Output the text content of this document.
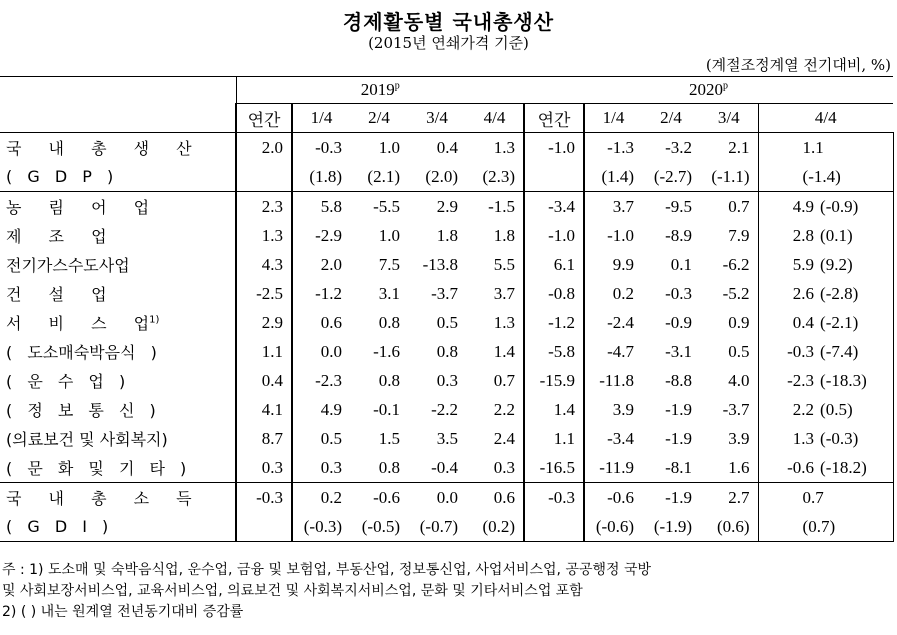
경제활동별 국내총생산
(2015년 연쇄가격 기준)
(계절조정계열 전기대비, %)
	2019$^p$					2020$^p$
	연간	1/4	2/4	3/4	4/4	연간	1/4	2/4	3/4	4/4	
국 내 총 생 산	2.0	-0.3	1.0	0.4	1.3	-1.0	-1.3	-3.2	2.1	1.1	
( G D P )		(1.8)	(2.1)	(2.0)	(2.3)		(1.4)	(-2.7)	(-1.1)	(-1.4)	
농 림 어 업	2.3	5.8	-5.5	2.9	-1.5	-3.4	3.7	-9.5	0.7	4.9	(-0.9)
제 조 업	1.3	-2.9	1.0	1.8	1.8	-1.0	-1.0	-8.9	7.9	2.8	(0.1)
전기가스수도사업	4.3	2.0	7.5	-13.8	5.5	6.1	9.9	0.1	-6.2	5.9	(9.2)
건 설 업	-2.5	-1.2	3.1	-3.7	3.7	-0.8	0.2	-0.3	-5.2	2.6	(-2.8)
서 비 스 업$^{1)}$	2.9	0.6	0.8	0.5	1.3	-1.2	-2.4	-0.9	0.9	0.4	(-2.1)
( 도소매숙박음식 )	1.1	0.0	-1.6	0.8	1.4	-5.8	-4.7	-3.1	0.5	-0.3	(-7.4)
( 운 수 업 )	0.4	-2.3	0.8	0.3	0.7	-15.9	-11.8	-8.8	4.0	-2.3	(-18.3)
( 정 보 통 신 )	4.1	4.9	-0.1	-2.2	2.2	1.4	3.9	-1.9	-3.7	2.2	(0.5)
(의료보건 및 사회복지)	8.7	0.5	1.5	3.5	2.4	1.1	-3.4	-1.9	3.9	1.3	(-0.3)
( 문 화 및 기 타 )	0.3	0.3	0.8	-0.4	0.3	-16.5	-11.9	-8.1	1.6	-0.6	(-18.2)
국 내 총 소 득	-0.3	0.2	-0.6	0.0	0.6	-0.3	-0.6	-1.9	2.7	0.7	
( G D I )		(-0.3)	(-0.5)	(-0.7)	(0.2)		(-0.6)	(-1.9)	(0.6)	(0.7)	
주 : 1) 도소매 및 숙박음식업, 운수업, 금융 및 보험업, 부동산업, 정보통신업, 사업서비스업, 공공행정 국방
및 사회보장서비스업, 교육서비스업, 의료보건 및 사회복지서비스업, 문화 및 기타서비스업 포함
2) ( ) 내는 원계열 전년동기대비 증감률
